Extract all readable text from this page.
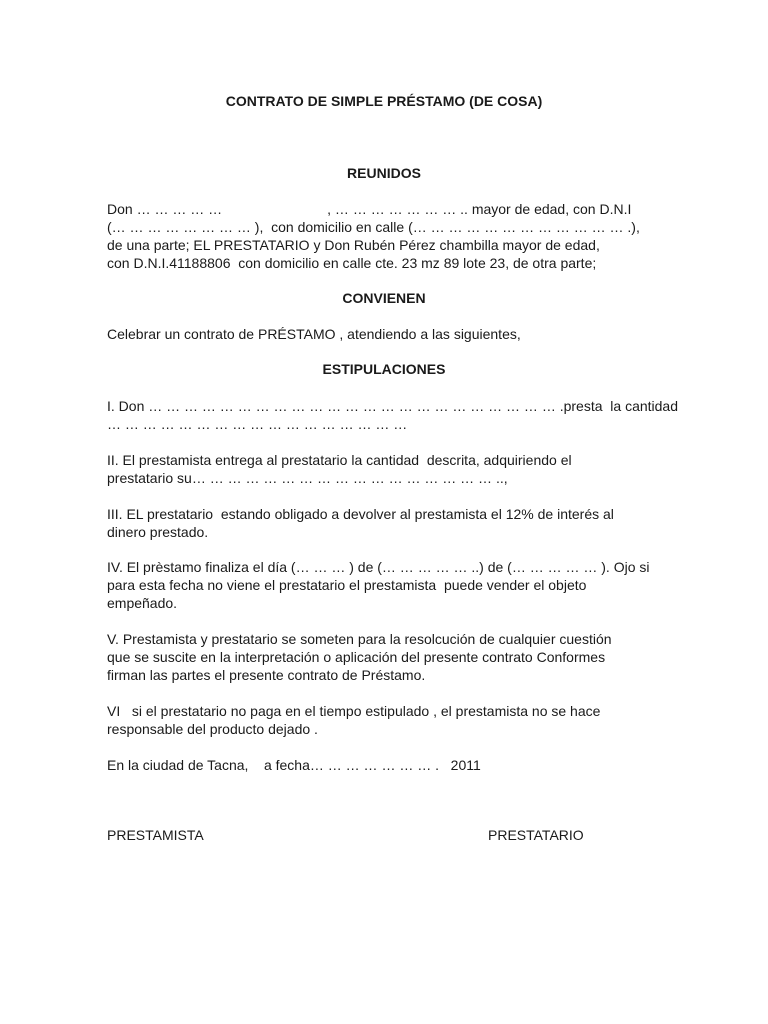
CONTRATO DE SIMPLE PRÉSTAMO (DE COSA)
REUNIDOS
Don … … … … …                           , … … … … … … … .. mayor de edad, con D.N.I
(… … … … … … … … ),  con domicilio en calle (… … … … … … … … … … … … .),
de una parte; EL PRESTATARIO y Don Rubén Pérez chambilla mayor de edad,
con D.N.I.41188806  con domicilio en calle cte. 23 mz 89 lote 23, de otra parte;
CONVIENEN
Celebrar un contrato de PRÉSTAMO , atendiendo a las siguientes,
ESTIPULACIONES
I. Don … … … … … … … … … … … … … … … … … … … … … … … .presta  la cantidad
… … … … … … … … … … … … … … … … …
II. El prestamista entrega al prestatario la cantidad  descrita, adquiriendo el
prestatario su… … … … … … … … … … … … … … … … … ..,
III. EL prestatario  estando obligado a devolver al prestamista el 12% de interés al
dinero prestado.
IV. El prèstamo finaliza el día (… … … ) de (… … … … … ..) de (… … … … … ). Ojo si
para esta fecha no viene el prestatario el prestamista  puede vender el objeto
empeñado.
V. Prestamista y prestatario se someten para la resolcución de cualquier cuestión
que se suscite en la interpretación o aplicación del presente contrato Conformes
firman las partes el presente contrato de Préstamo.
VI   si el prestatario no paga en el tiempo estipulado , el prestamista no se hace
responsable del producto dejado .
En la ciudad de Tacna,    a fecha… … … … … … … .   2011
PRESTAMISTA	PRESTATARIO
